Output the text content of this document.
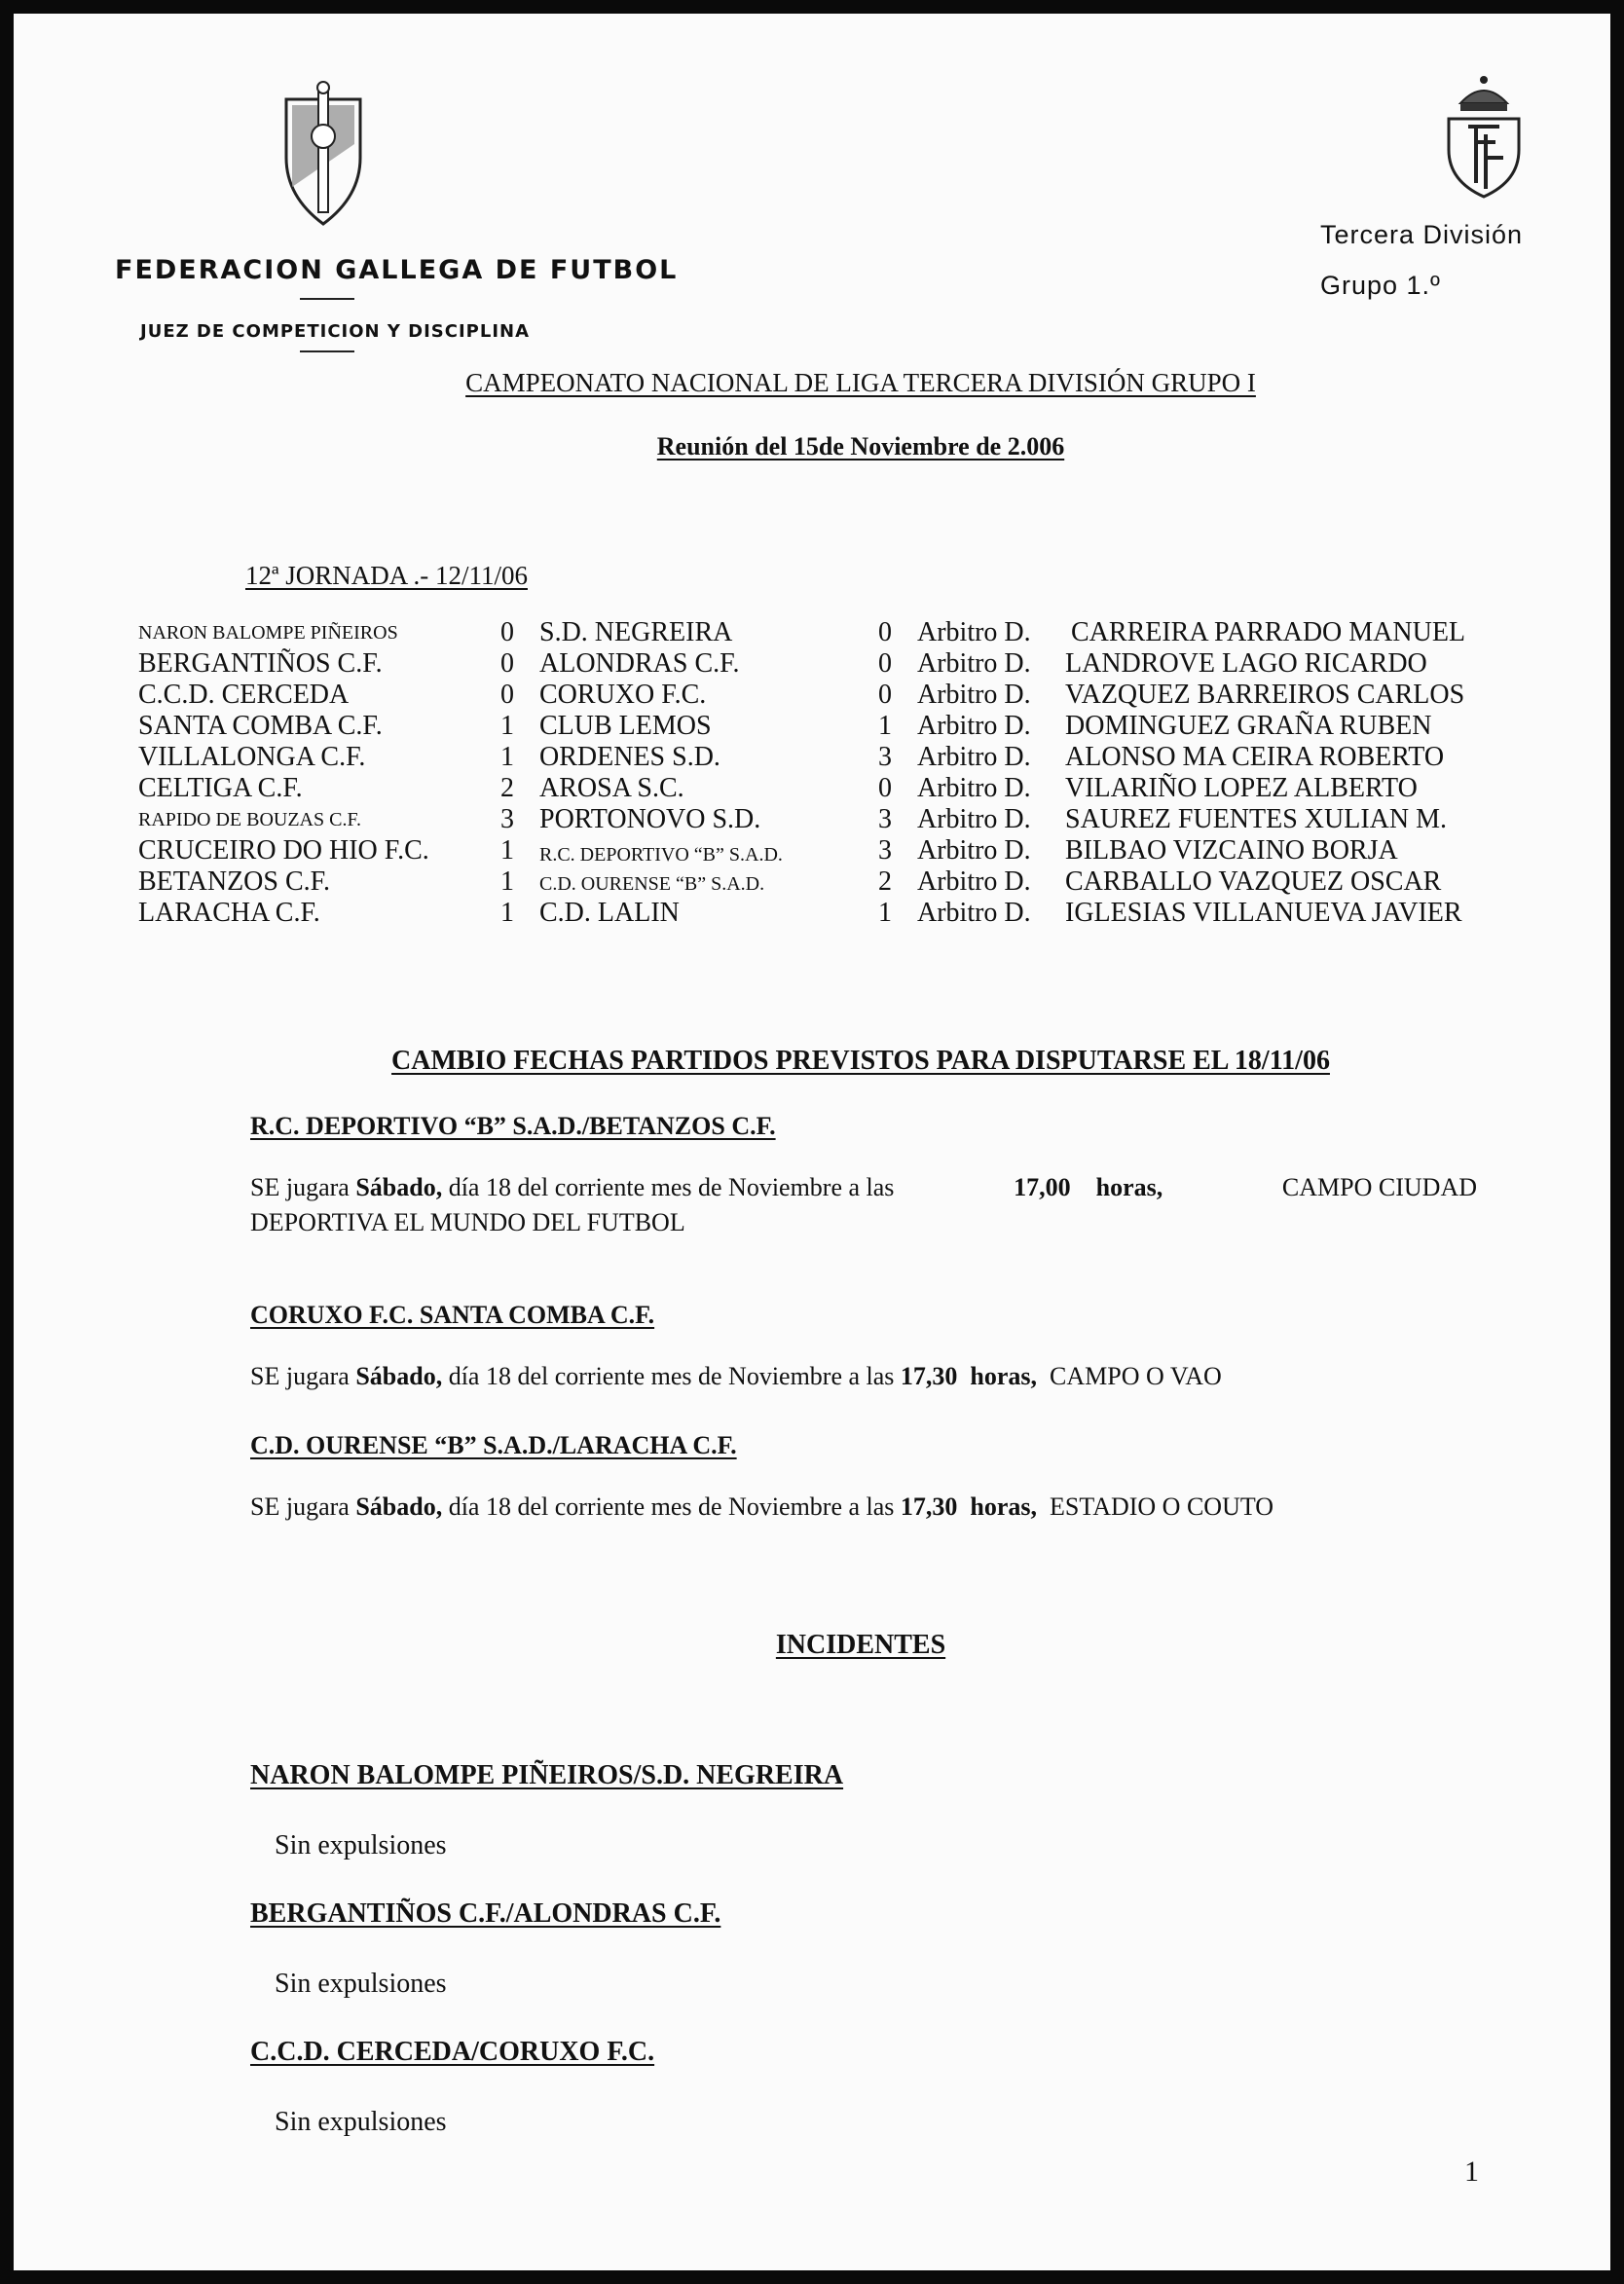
FEDERACION GALLEGA DE FUTBOL
JUEZ DE COMPETICION Y DISCIPLINA
Tercera División
Grupo 1.º
CAMPEONATO NACIONAL DE LIGA TERCERA DIVISIÓN GRUPO I
Reunión del 15de Noviembre de 2.006
12ª JORNADA .- 12/11/06
NARON BALOMPE PIÑEIROS	0 S.D. NEGREIRA	0 Arbitro D. CARREIRA PARRADO MANUEL
BERGANTIÑOS C.F.	0 ALONDRAS C.F.	0 Arbitro D. LANDROVE LAGO RICARDO
C.C.D. CERCEDA	0 CORUXO F.C.	0 Arbitro D. VAZQUEZ BARREIROS CARLOS
SANTA COMBA C.F.	1 CLUB LEMOS	1 Arbitro D. DOMINGUEZ GRAÑA RUBEN
VILLALONGA C.F.	1 ORDENES S.D.	3 Arbitro D. ALONSO MA CEIRA ROBERTO
CELTIGA C.F.	2 AROSA S.C.	0 Arbitro D. VILARIÑO LOPEZ ALBERTO
RAPIDO DE BOUZAS C.F.	3 PORTONOVO S.D.	3 Arbitro D. SAUREZ FUENTES XULIAN M.
CRUCEIRO DO HIO F.C.	1 R.C. DEPORTIVO “B” S.A.D.	3 Arbitro D. BILBAO VIZCAINO BORJA
BETANZOS C.F.	1 C.D. OURENSE “B” S.A.D.	2 Arbitro D. CARBALLO VAZQUEZ OSCAR
LARACHA C.F.	1 C.D. LALIN	1 Arbitro D. IGLESIAS VILLANUEVA JAVIER
CAMBIO FECHAS PARTIDOS PREVISTOS PARA DISPUTARSE EL 18/11/06
R.C. DEPORTIVO “B” S.A.D./BETANZOS C.F.
SE jugara Sábado, día 18 del corriente mes de Noviembre a las	17,00 horas,	CAMPO CIUDAD
DEPORTIVA EL MUNDO DEL FUTBOL
CORUXO F.C. SANTA COMBA C.F.
SE jugara Sábado, día 18 del corriente mes de Noviembre a las 17,30 horas, CAMPO O VAO
C.D. OURENSE “B” S.A.D./LARACHA C.F.
SE jugara Sábado, día 18 del corriente mes de Noviembre a las 17,30 horas, ESTADIO O COUTO
INCIDENTES
NARON BALOMPE PIÑEIROS/S.D. NEGREIRA
Sin expulsiones
BERGANTIÑOS C.F./ALONDRAS C.F.
Sin expulsiones
C.C.D. CERCEDA/CORUXO F.C.
Sin expulsiones
1
